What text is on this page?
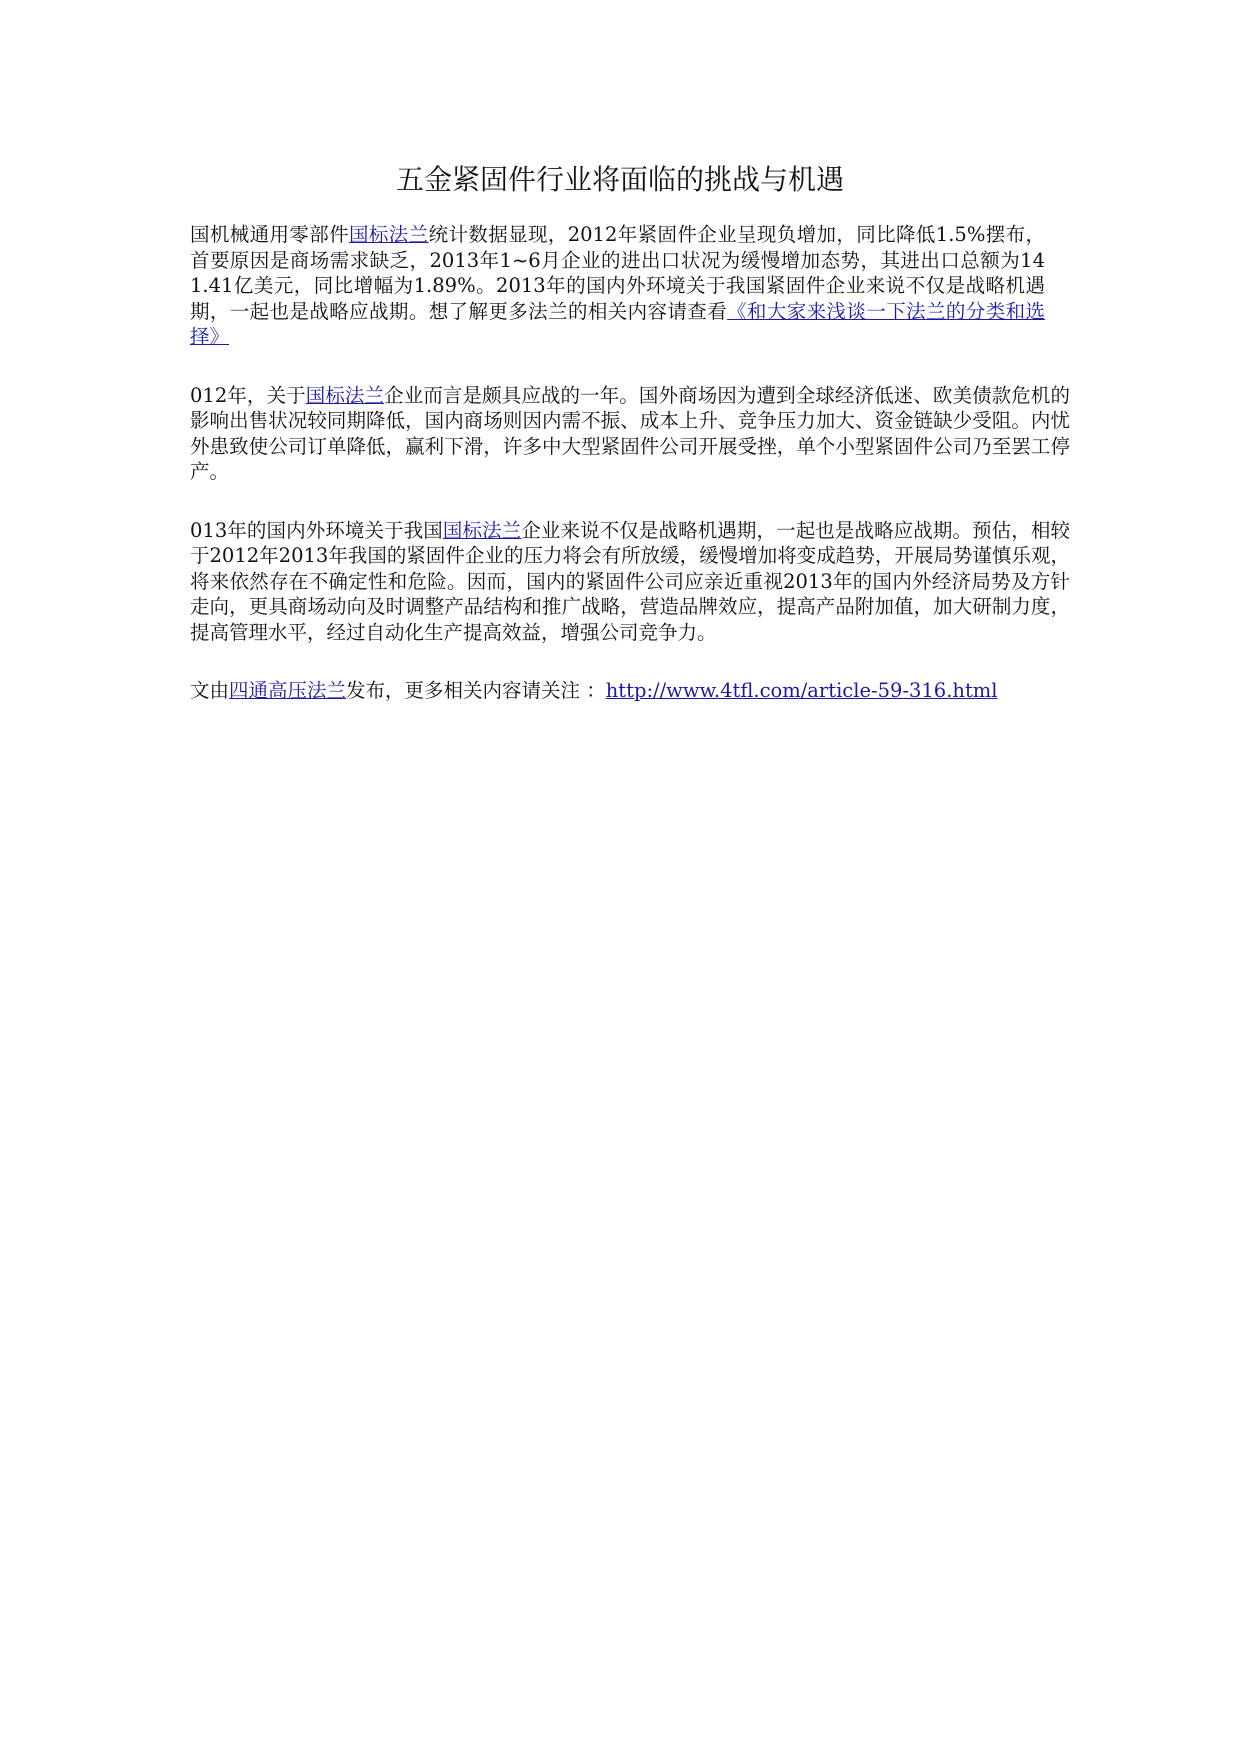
五金紧固件行业将面临的挑战与机遇

国机械通用零部件国标法兰统计数据显现，2012年紧固件企业呈现负增加，同比降低1.5%摆布，首要原因是商场需求缺乏，2013年1~6月企业的进出口状况为缓慢增加态势，其进出口总额为141.41亿美元，同比增幅为1.89%。2013年的国内外环境关于我国紧固件企业来说不仅是战略机遇期，一起也是战略应战期。想了解更多法兰的相关内容请查看《和大家来浅谈一下法兰的分类和选择》

012年，关于国标法兰企业而言是颇具应战的一年。国外商场因为遭到全球经济低迷、欧美债款危机的影响出售状况较同期降低，国内商场则因内需不振、成本上升、竞争压力加大、资金链缺少受阻。内忧外患致使公司订单降低，赢利下滑，许多中大型紧固件公司开展受挫，单个小型紧固件公司乃至罢工停产。

013年的国内外环境关于我国国标法兰企业来说不仅是战略机遇期，一起也是战略应战期。预估，相较于2012年2013年我国的紧固件企业的压力将会有所放缓，缓慢增加将变成趋势，开展局势谨慎乐观，将来依然存在不确定性和危险。因而，国内的紧固件公司应亲近重视2013年的国内外经济局势及方针走向，更具商场动向及时调整产品结构和推广战略，营造品牌效应，提高产品附加值，加大研制力度，提高管理水平，经过自动化生产提高效益，增强公司竞争力。

文由四通高压法兰发布，更多相关内容请关注 ：http://www.4tfl.com/article-59-316.html
